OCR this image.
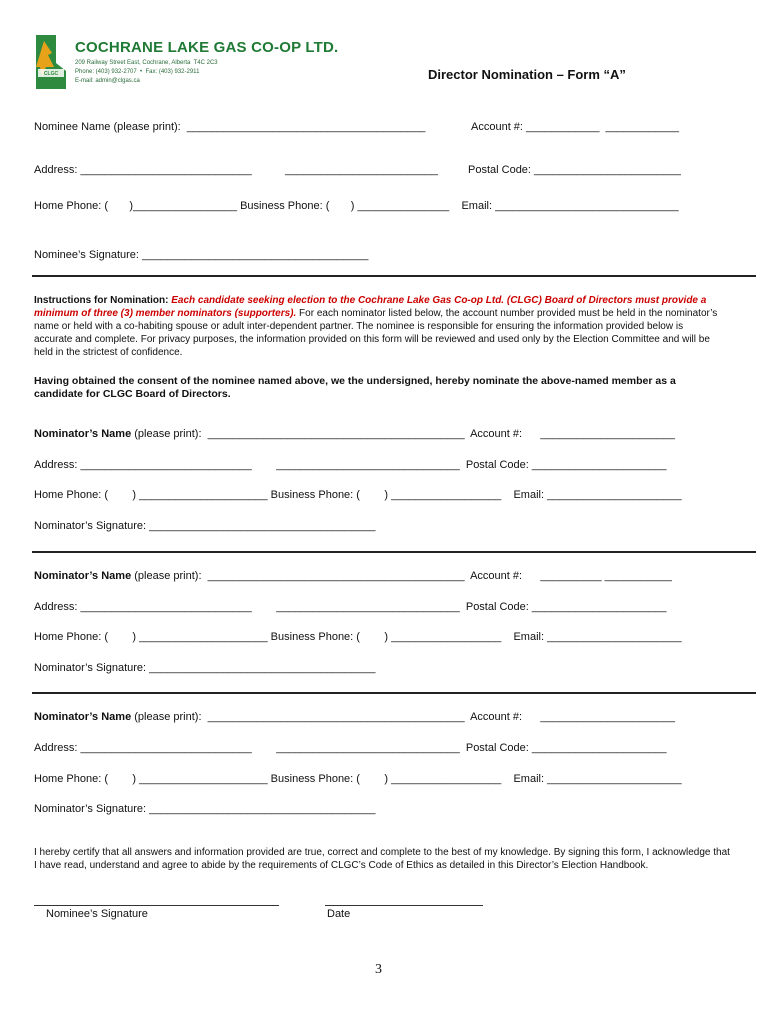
CLGC
COCHRANE LAKE GAS CO-OP LTD.
209 Railway Street East, Cochrane, Alberta  T4C 2C3
Phone: (403) 932-2707  •  Fax: (403) 932-2911
E-mail: admin@clgas.ca	Director Nomination – Form “A”
Nominee Name (please print):  _______________________________________	Account #: ____________  ____________
Address: ____________________________	_________________________	Postal Code: ________________________
Home Phone: (       )_________________ Business Phone: (       ) _______________    Email: ______________________________
Nominee’s Signature: _____________________________________
Instructions for Nomination: Each candidate seeking election to the Cochrane Lake Gas Co-op Ltd. (CLGC) Board of Directors must provide a minimum of three (3) member nominators (supporters). For each nominator listed below, the account number provided must be held in the nominator’s name or held with a co-habiting spouse or adult inter-dependent partner. The nominee is responsible for ensuring the information provided below is accurate and complete. For privacy purposes, the information provided on this form will be reviewed and used only by the Election Committee and will be held in the strictest of confidence.
Having obtained the consent of the nominee named above, we the undersigned, hereby nominate the above-named member as a candidate for CLGC Board of Directors.
Nominator’s Name (please print):  __________________________________________  Account #:      ______________________
Address: ____________________________        ______________________________  Postal Code: ______________________
Home Phone: (        ) _____________________ Business Phone: (        ) __________________    Email: ______________________
Nominator’s Signature: _____________________________________
Nominator’s Name (please print):  __________________________________________  Account #:      __________ ___________
Address: ____________________________        ______________________________  Postal Code: ______________________
Home Phone: (        ) _____________________ Business Phone: (        ) __________________    Email: ______________________
Nominator’s Signature: _____________________________________
Nominator’s Name (please print):  __________________________________________  Account #:      ______________________
Address: ____________________________        ______________________________  Postal Code: ______________________
Home Phone: (        ) _____________________ Business Phone: (        ) __________________    Email: ______________________
Nominator’s Signature: _____________________________________
I hereby certify that all answers and information provided are true, correct and complete to the best of my knowledge. By signing this form, I acknowledge that I have read, understand and agree to abide by the requirements of CLGC’s Code of Ethics as detailed in this Director’s Election Handbook.
Nominee’s Signature	Date
3
